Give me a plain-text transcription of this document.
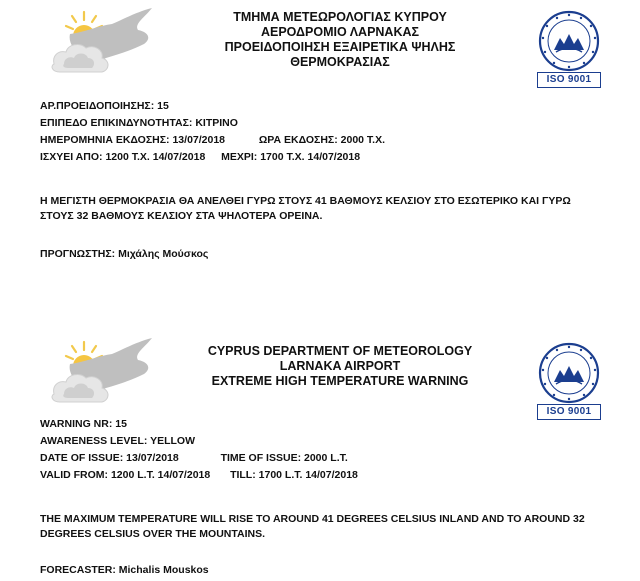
ΤΜΗΜΑ ΜΕΤΕΩΡΟΛΟΓΙΑΣ ΚΥΠΡΟΥ
ΑΕΡΟΔΡΟΜΙΟ ΛΑΡΝΑΚΑΣ
ΠΡΟΕΙΔΟΠΟΙΗΣΗ ΕΞΑΙΡΕΤΙΚΑ ΨΗΛΗΣ
ΘΕΡΜΟΚΡΑΣΙΑΣ
ISO 9001
ΑΡ.ΠΡΟΕΙΔΟΠΟΙΗΣΗΣ: 15
ΕΠΙΠΕΔΟ ΕΠΙΚΙΝΔΥΝΟΤΗΤΑΣ: ΚΙΤΡΙΝΟ
ΗΜΕΡΟΜΗΝΙΑ ΕΚΔΟΣΗΣ: 13/07/2018	ΩΡΑ ΕΚΔΟΣΗΣ: 2000 Τ.Χ.
ΙΣΧΥΕΙ ΑΠΟ: 1200 Τ.Χ. 14/07/2018 ΜΕΧΡΙ: 1700 Τ.Χ. 14/07/2018
Η ΜΕΓΙΣΤΗ ΘΕΡΜΟΚΡΑΣΙΑ ΘΑ ΑΝΕΛΘΕΙ ΓΥΡΩ ΣΤΟΥΣ 41 ΒΑΘΜΟΥΣ ΚΕΛΣΙΟΥ ΣΤΟ ΕΣΩΤΕΡΙΚΟ ΚΑΙ ΓΥΡΩ ΣΤΟΥΣ 32 ΒΑΘΜΟΥΣ ΚΕΛΣΙΟΥ ΣΤΑ ΨΗΛΟΤΕΡΑ ΟΡΕΙΝΑ.
ΠΡΟΓΝΩΣΤΗΣ: Μιχάλης Μούσκος
CYPRUS DEPARTMENT OF METEOROLOGY
LARNAKA AIRPORT
EXTREME HIGH TEMPERATURE WARNING
ISO 9001
WARNING NR: 15
AWARENESS LEVEL: YELLOW
DATE OF ISSUE: 13/07/2018	TIME OF ISSUE: 2000 L.T.
VALID FROM: 1200 L.T. 14/07/2018 TILL: 1700 L.T. 14/07/2018
THE MAXIMUM TEMPERATURE WILL RISE TO AROUND 41 DEGREES CELSIUS INLAND AND TO AROUND 32 DEGREES CELSIUS OVER THE MOUNTAINS.
FORECASTER: Michalis Mouskos
